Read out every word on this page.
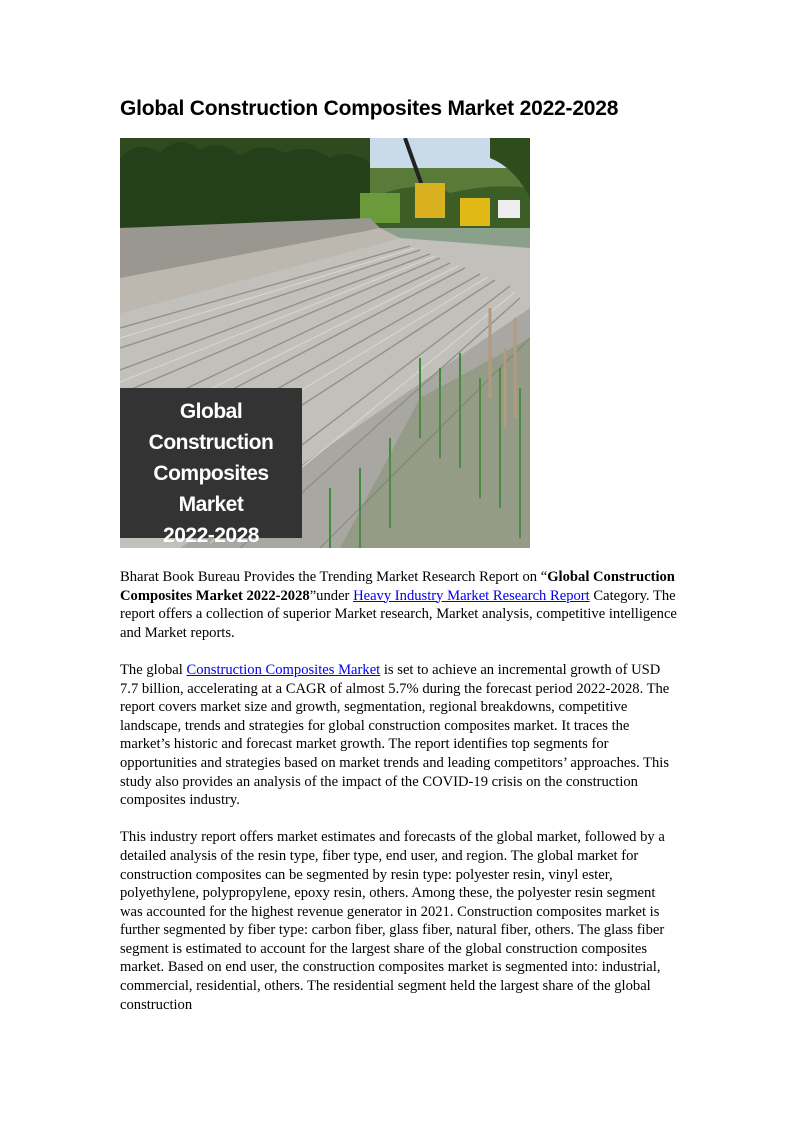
Global Construction Composites Market 2022-2028
Global Construction
Composites Market
2022-2028

Bharat Book Bureau Provides the Trending Market Research Report on “Global Construction Composites Market 2022-2028”under Heavy Industry Market Research Report Category. The report offers a collection of superior Market research, Market analysis, competitive intelligence and Market reports.

The global Construction Composites Market is set to achieve an incremental growth of USD 7.7 billion, accelerating at a CAGR of almost 5.7% during the forecast period 2022-2028. The report covers market size and growth, segmentation, regional breakdowns, competitive landscape, trends and strategies for global construction composites market. It traces the market’s historic and forecast market growth. The report identifies top segments for opportunities and strategies based on market trends and leading competitors’ approaches. This study also provides an analysis of the impact of the COVID-19 crisis on the construction composites industry.

This industry report offers market estimates and forecasts of the global market, followed by a detailed analysis of the resin type, fiber type, end user, and region. The global market for construction composites can be segmented by resin type: polyester resin, vinyl ester, polyethylene, polypropylene, epoxy resin, others. Among these, the polyester resin segment was accounted for the highest revenue generator in 2021. Construction composites market is further segmented by fiber type: carbon fiber, glass fiber, natural fiber, others. The glass fiber segment is estimated to account for the largest share of the global construction composites market. Based on end user, the construction composites market is segmented into: industrial, commercial, residential, others. The residential segment held the largest share of the global construction
